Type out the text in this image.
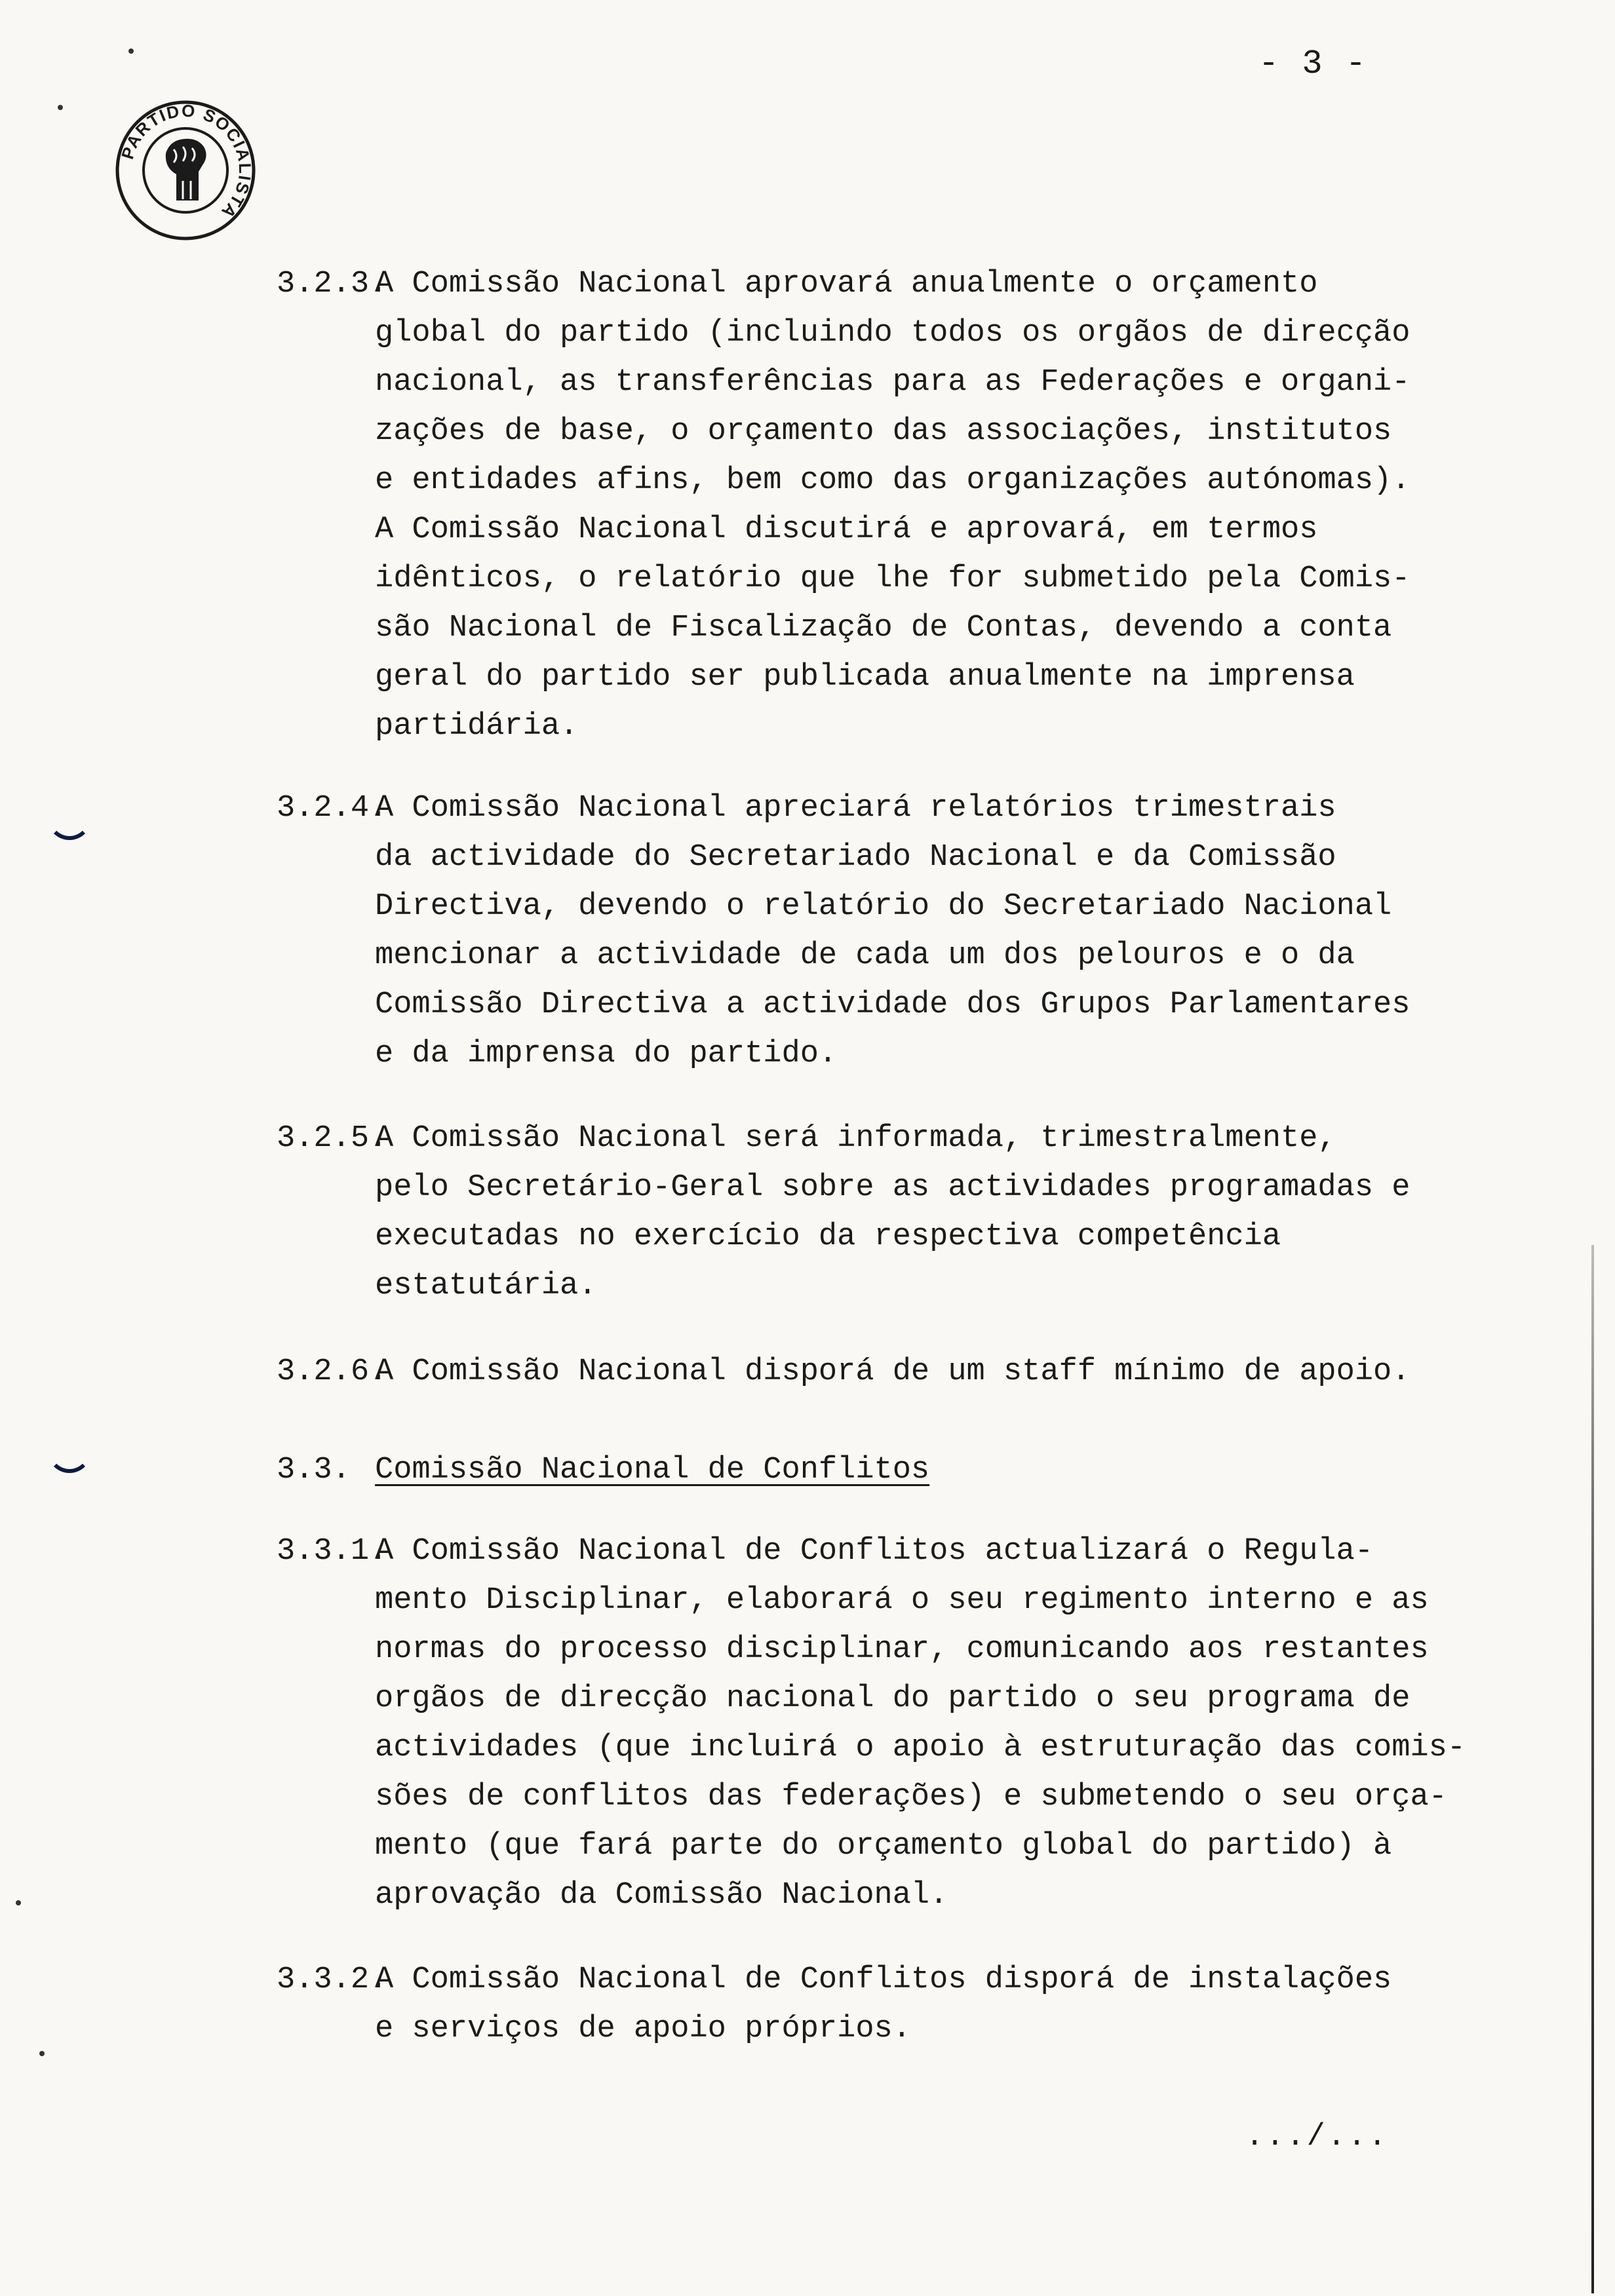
- 3 -
PARTIDO SOCIALISTA
3.2.3.A Comissão Nacional aprovará anualmente o orçamento
global do partido (incluindo todos os orgãos de direcção
nacional, as transferências para as Federações e organi-
zações de base, o orçamento das associações, institutos
e entidades afins, bem como das organizações autónomas).
A Comissão Nacional discutirá e aprovará, em termos
idênticos, o relatório que lhe for submetido pela Comis-
são Nacional de Fiscalização de Contas, devendo a conta
geral do partido ser publicada anualmente na imprensa
partidária.
3.2.4.A Comissão Nacional apreciará relatórios trimestrais
da actividade do Secretariado Nacional e da Comissão
Directiva, devendo o relatório do Secretariado Nacional
mencionar a actividade de cada um dos pelouros e o da
Comissão Directiva a actividade dos Grupos Parlamentares
e da imprensa do partido.
3.2.5.A Comissão Nacional será informada, trimestralmente,
pelo Secretário-Geral sobre as actividades programadas e
executadas no exercício da respectiva competência
estatutária.
3.2.6.A Comissão Nacional disporá de um staff mínimo de apoio.
3.3. Comissão Nacional de Conflitos
3.3.1.A Comissão Nacional de Conflitos actualizará o Regula-
mento Disciplinar, elaborará o seu regimento interno e as
normas do processo disciplinar, comunicando aos restantes
orgãos de direcção nacional do partido o seu programa de
actividades (que incluirá o apoio à estruturação das comis-
sões de conflitos das federações) e submetendo o seu orça-
mento (que fará parte do orçamento global do partido) à
aprovação da Comissão Nacional.
3.3.2.A Comissão Nacional de Conflitos disporá de instalações
e serviços de apoio próprios.
.../...
